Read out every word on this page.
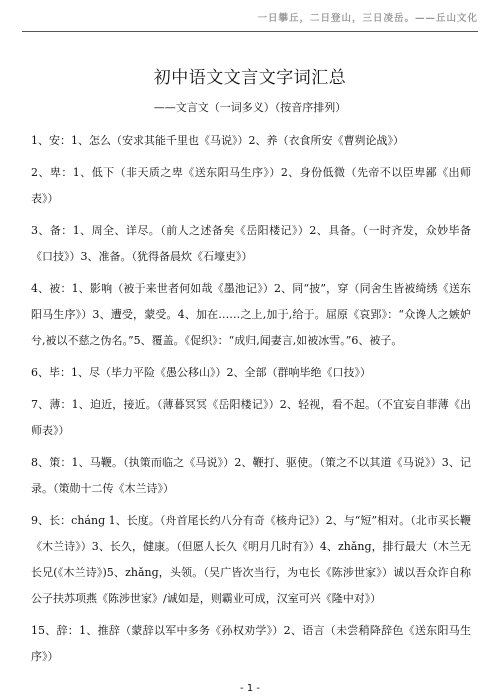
一日攀丘，二日登山，三日凌岳。——丘山文化
初中语文文言文字词汇总
——文言文（一词多义）（按音序排列）

1、安：1、怎么（安求其能千里也《马说》）2、养（衣食所安《曹刿论战》）

2、卑：1、低下（非天质之卑《送东阳马生序》）2、身份低微（先帝不以臣卑鄙《出师表》）

3、备：1、周全、详尽。（前人之述备矣《岳阳楼记》）2、具备。（一时齐发，众妙毕备《口技》）3、准备。（犹得备晨炊《石壕吏》）

4、被：1、影响（被于来世者何如哉《墨池记》）2、同“披”，穿（同舍生皆被绮绣《送东阳马生序》）3、遭受，蒙受。4、加在……之上,加于,给于。屈原《哀郢》：“众谗人之嫉妒兮,被以不慈之伪名。”5、覆盖。《促织》：“成归,闻妻言,如被冰雪。”6、被子。

6、毕：1、尽（毕力平险《愚公移山》）2、全部（群响毕绝《口技》）

7、薄：1、迫近，接近。（薄暮冥冥《岳阳楼记》）2、轻视，看不起。（不宜妄自菲薄《出师表》）

8、策：1、马鞭。（执策而临之《马说》）2、鞭打、驱使。（策之不以其道《马说》）3、记录。（策勋十二传《木兰诗》）

9、长：chánɡ 1、长度。（舟首尾长约八分有奇《核舟记》）2、与“短”相对。（北市买长鞭《木兰诗》）3、长久，健康。（但愿人长久《明月几时有》）4、zhǎnɡ，排行最大（木兰无长兄(《木兰诗》)5、zhǎnɡ，头领。（吴广皆次当行，为屯长《陈涉世家》）诚以吾众诈自称公子扶苏项燕《陈涉世家》/诚如是，则霸业可成，汉室可兴《隆中对》）

15、辞：1、推辞（蒙辞以军中多务《孙权劝学》）2、语言（未尝稍降辞色《送东阳马生序》）

- 1 -
